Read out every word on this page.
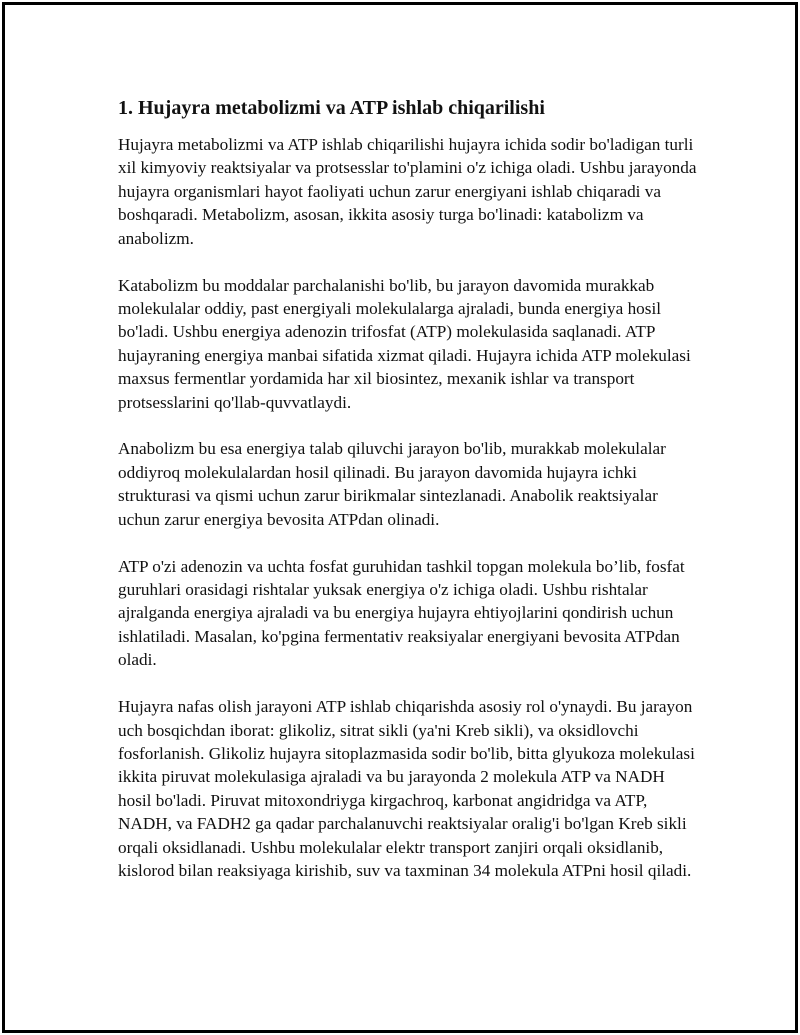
1. Hujayra metabolizmi va ATP ishlab chiqarilishi

Hujayra metabolizmi va ATP ishlab chiqarilishi hujayra ichida sodir bo'ladigan turli xil kimyoviy reaktsiyalar va protsesslar to'plamini o'z ichiga oladi. Ushbu jarayonda hujayra organismlari hayot faoliyati uchun zarur energiyani ishlab chiqaradi va boshqaradi. Metabolizm, asosan, ikkita asosiy turga bo'linadi: katabolizm va anabolizm.

Katabolizm bu moddalar parchalanishi bo'lib, bu jarayon davomida murakkab molekulalar oddiy, past energiyali molekulalarga ajraladi, bunda energiya hosil bo'ladi. Ushbu energiya adenozin trifosfat (ATP) molekulasida saqlanadi. ATP hujayraning energiya manbai sifatida xizmat qiladi. Hujayra ichida ATP molekulasi maxsus fermentlar yordamida har xil biosintez, mexanik ishlar va transport protsesslarini qo'llab-quvvatlaydi.

Anabolizm bu esa energiya talab qiluvchi jarayon bo'lib, murakkab molekulalar oddiyroq molekulalardan hosil qilinadi. Bu jarayon davomida hujayra ichki strukturasi va qismi uchun zarur birikmalar sintezlanadi. Anabolik reaktsiyalar uchun zarur energiya bevosita ATPdan olinadi.

ATP o'zi adenozin va uchta fosfat guruhidan tashkil topgan molekula bo’lib, fosfat guruhlari orasidagi rishtalar yuksak energiya o'z ichiga oladi. Ushbu rishtalar ajralganda energiya ajraladi va bu energiya hujayra ehtiyojlarini qondirish uchun ishlatiladi. Masalan, ko'pgina fermentativ reaksiyalar energiyani bevosita ATPdan oladi.

Hujayra nafas olish jarayoni ATP ishlab chiqarishda asosiy rol o'ynaydi. Bu jarayon uch bosqichdan iborat: glikoliz, sitrat sikli (ya'ni Kreb sikli), va oksidlovchi fosforlanish. Glikoliz hujayra sitoplazmasida sodir bo'lib, bitta glyukoza molekulasi ikkita piruvat molekulasiga ajraladi va bu jarayonda 2 molekula ATP va NADH hosil bo'ladi. Piruvat mitoxondriyga kirgachroq, karbonat angidridga va ATP, NADH, va FADH2 ga qadar parchalanuvchi reaktsiyalar oralig'i bo'lgan Kreb sikli orqali oksidlanadi. Ushbu molekulalar elektr transport zanjiri orqali oksidlanib, kislorod bilan reaksiyaga kirishib, suv va taxminan 34 molekula ATPni hosil qiladi.
